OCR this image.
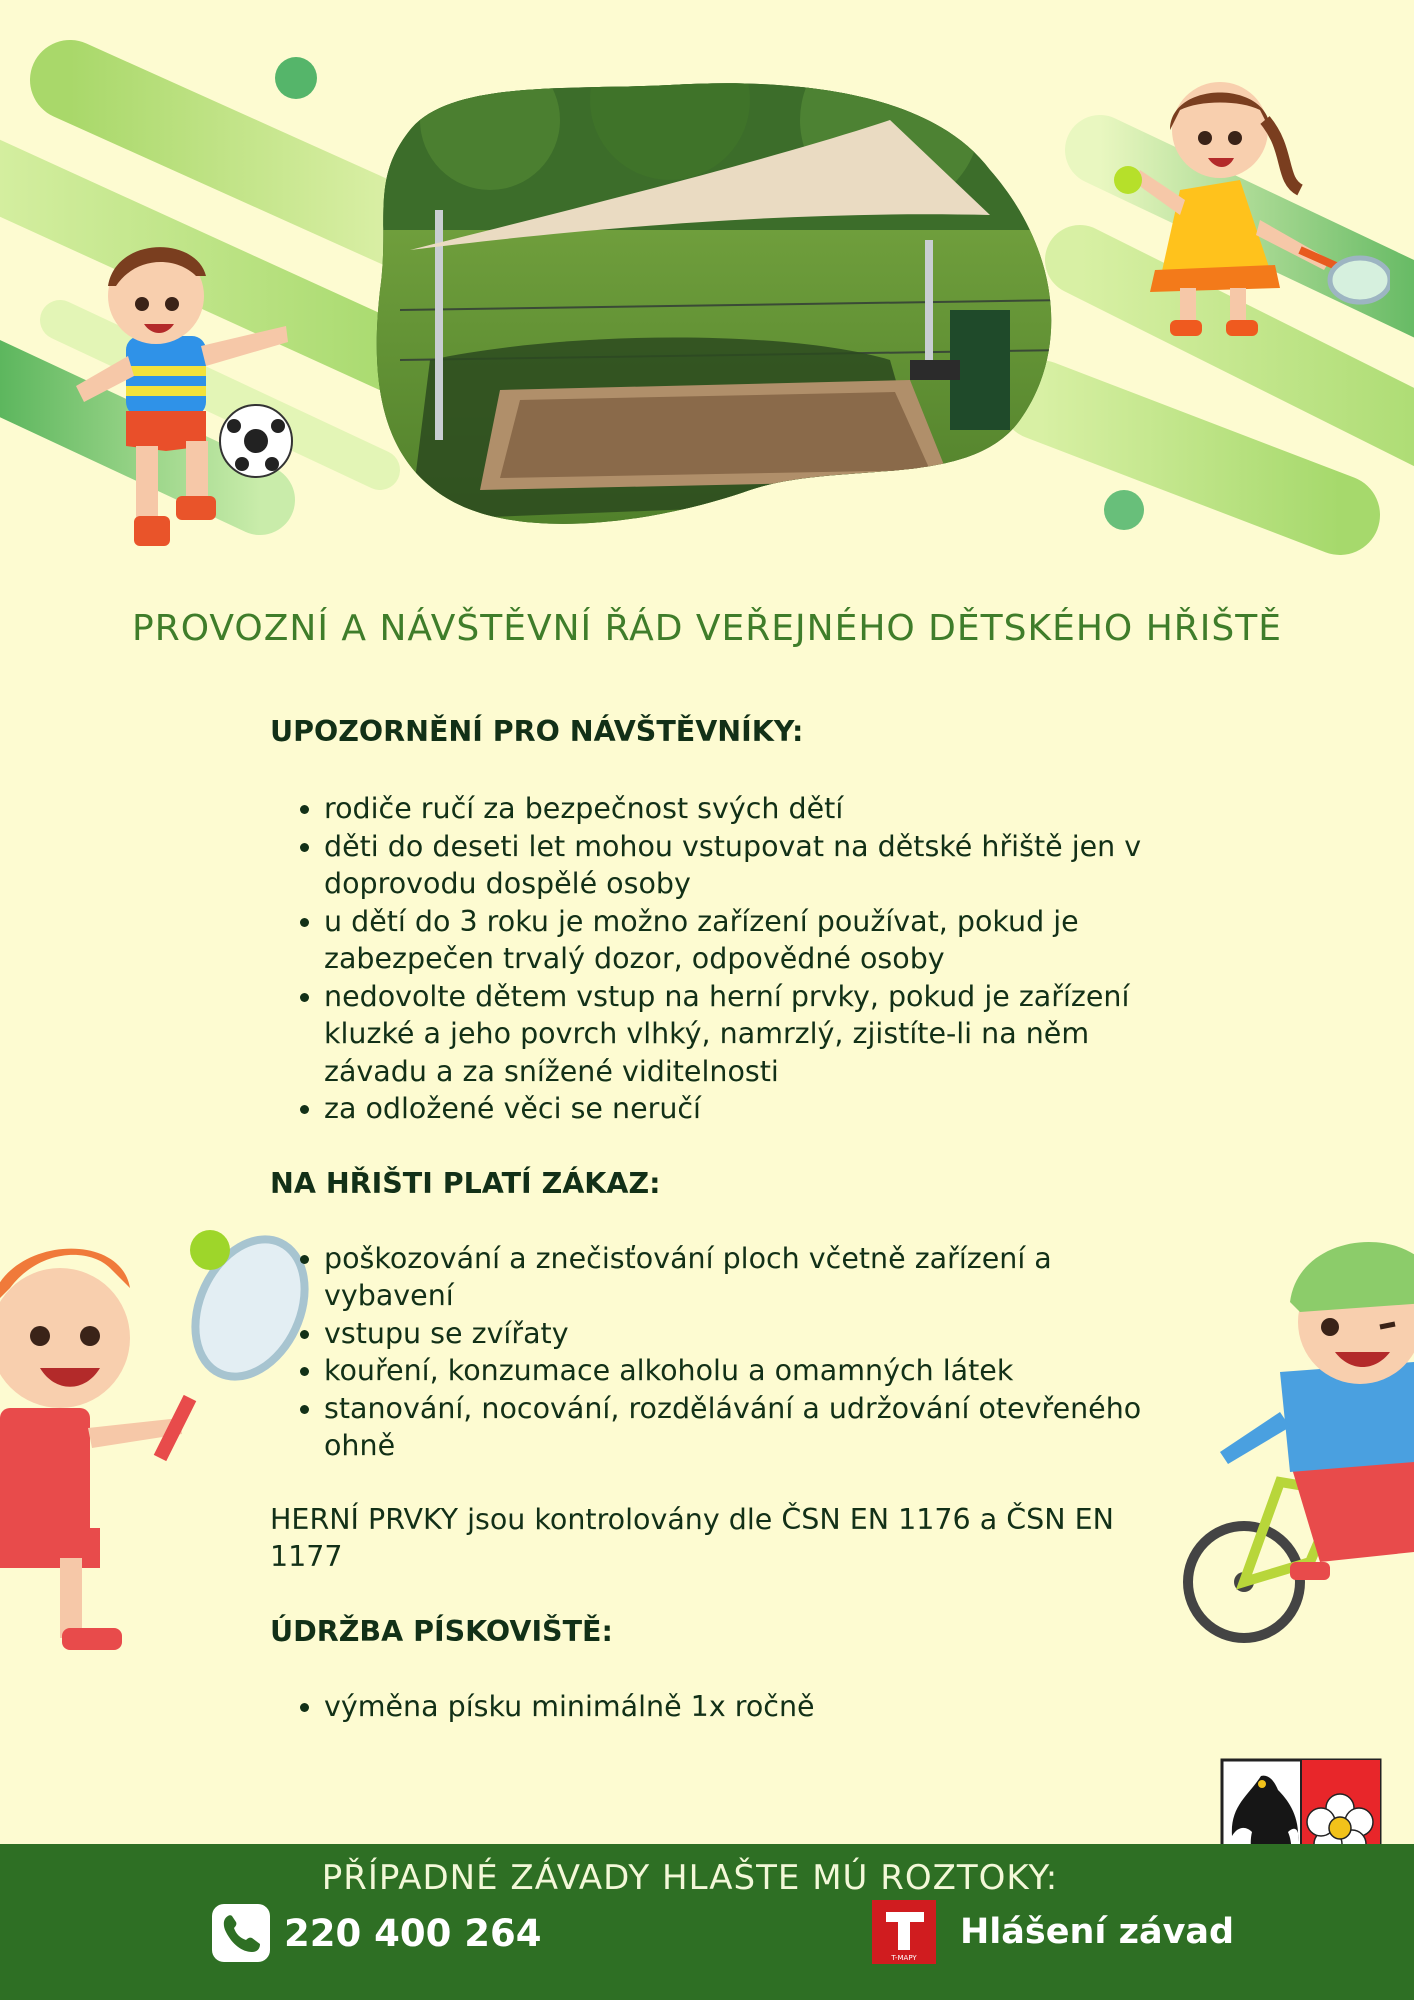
PROVOZNÍ A NÁVŠTĚVNÍ ŘÁD VEŘEJNÉHO DĚTSKÉHO HŘIŠTĚ
UPOZORNĚNÍ PRO NÁVŠTĚVNÍKY:
• rodiče ručí za bezpečnost svých dětí
• děti do deseti let mohou vstupovat na dětské hřiště jen v doprovodu dospělé osoby
• u dětí do 3 roku je možno zařízení používat, pokud je zabezpečen trvalý dozor, odpovědné osoby
• nedovolte dětem vstup na herní prvky, pokud je zařízení kluzké a jeho povrch vlhký, namrzlý, zjistíte-li na něm závadu a za snížené viditelnosti
• za odložené věci se neručí
NA HŘIŠTI PLATÍ ZÁKAZ:
• poškozování a znečisťování ploch včetně zařízení a vybavení
• vstupu se zvířaty
• kouření, konzumace alkoholu a omamných látek
• stanování, nocování, rozdělávání a udržování otevřeného ohně

HERNÍ PRVKY jsou kontrolovány dle ČSN EN 1176 a ČSN EN 1177

ÚDRŽBA PÍSKOVIŠTĚ:
• výměna písku minimálně 1x ročně
PŘÍPADNÉ ZÁVADY HLAŠTE MÚ ROZTOKY:
220 400 264
T-MAPY
Hlášení závad
